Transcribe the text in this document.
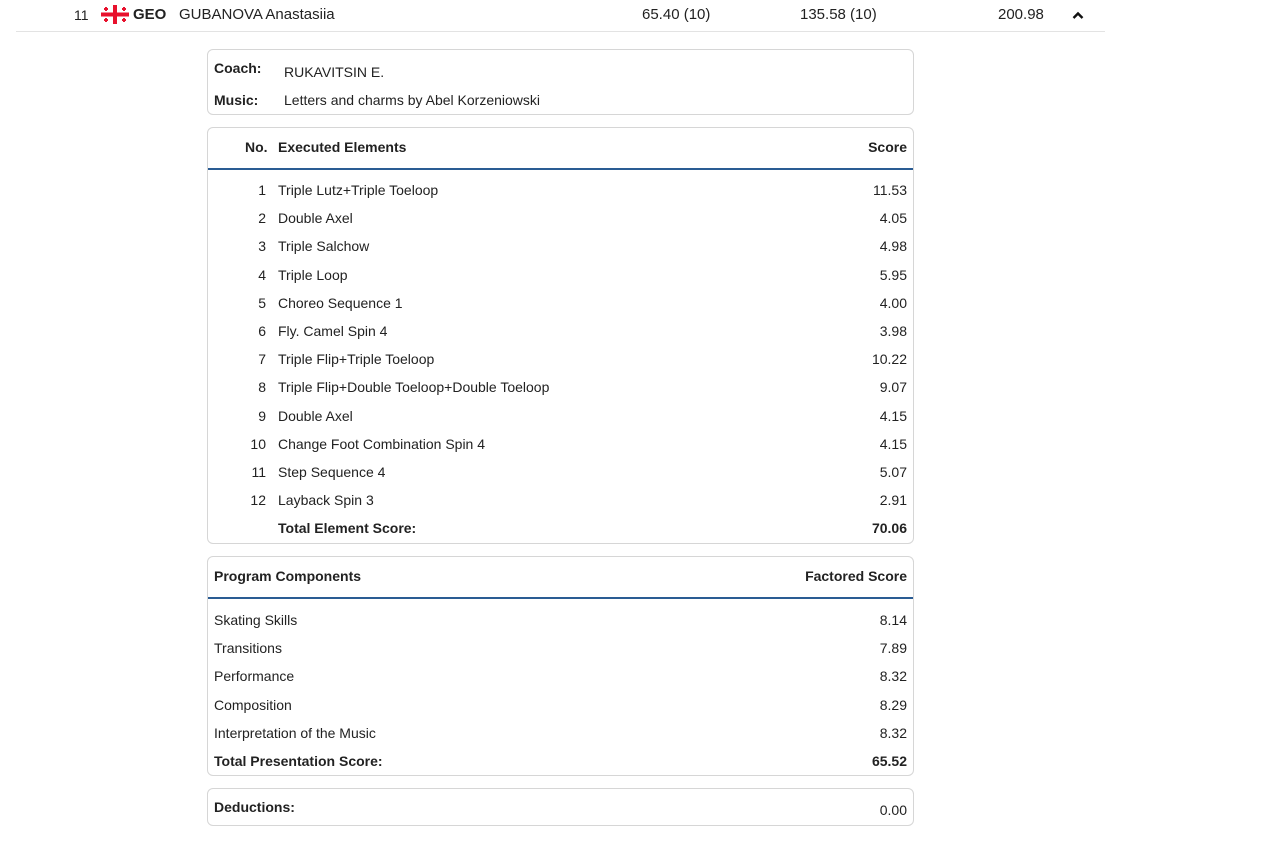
11	GEO GUBANOVA Anastasiia	65.40 (10)	135.58 (10)	200.98
Coach: RUKAVITSIN E.
Music: Letters and charms by Abel Korzeniowski
No. Executed Elements	Score
1 Triple Lutz+Triple Toeloop	11.53
2 Double Axel	4.05
3 Triple Salchow	4.98
4 Triple Loop	5.95
5 Choreo Sequence 1	4.00
6 Fly. Camel Spin 4	3.98
7 Triple Flip+Triple Toeloop	10.22
8 Triple Flip+Double Toeloop+Double Toeloop	9.07
9 Double Axel	4.15
10 Change Foot Combination Spin 4	4.15
11 Step Sequence 4	5.07
12 Layback Spin 3	2.91
Total Element Score:	70.06
Program Components	Factored Score
Skating Skills	8.14
Transitions	7.89
Performance	8.32
Composition	8.29
Interpretation of the Music	8.32
Total Presentation Score:	65.52
Deductions:	0.00
